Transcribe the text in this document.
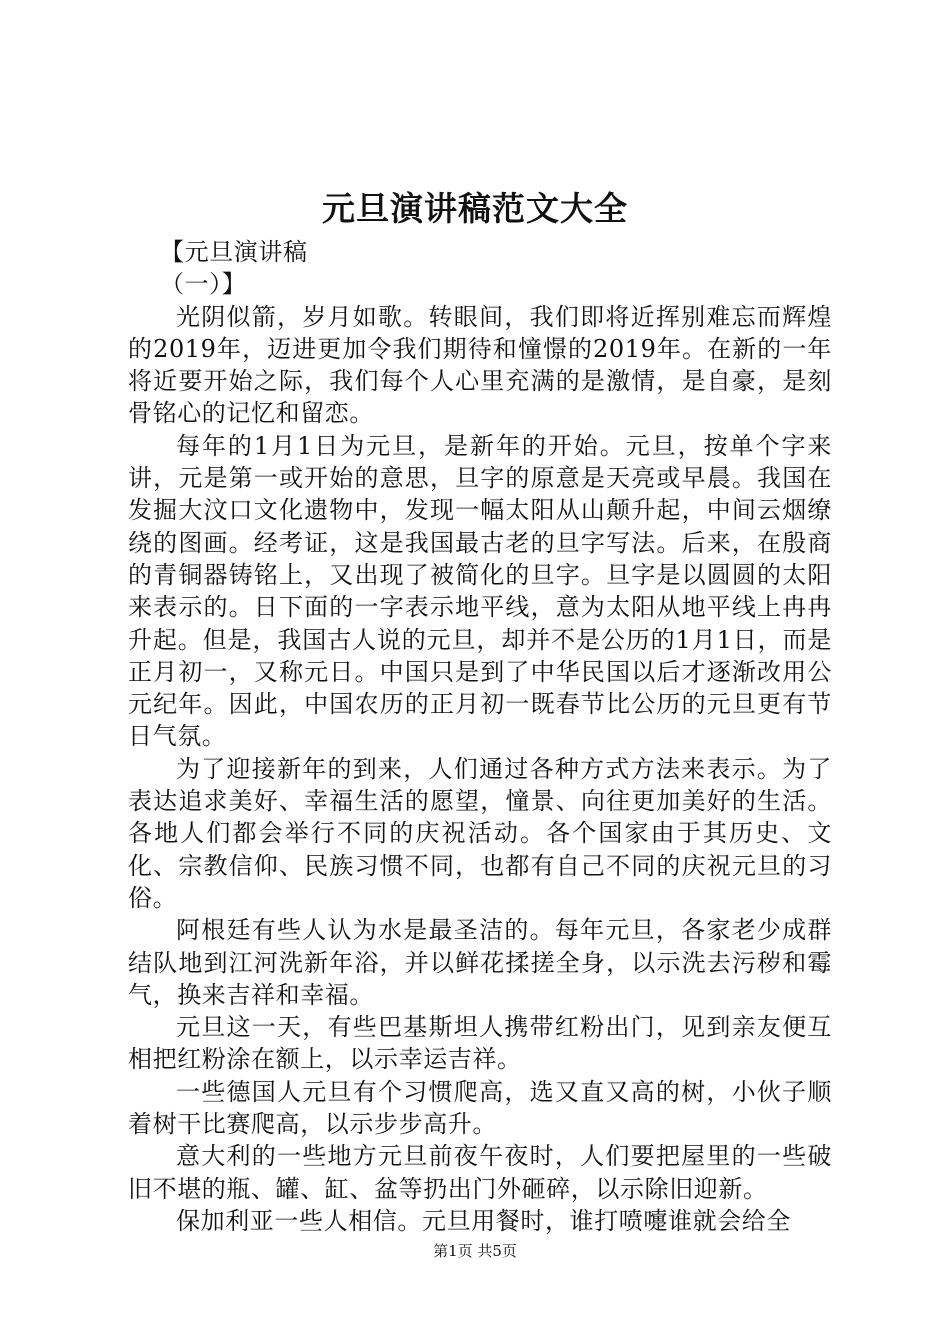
元旦演讲稿范文大全

【元旦演讲稿

（一）】

光阴似箭，岁月如歌。转眼间，我们即将近挥别难忘而辉煌的2019年，迈进更加令我们期待和憧憬的2019年。在新的一年将近要开始之际，我们每个人心里充满的是激情，是自豪，是刻骨铭心的记忆和留恋。

每年的1月1日为元旦，是新年的开始。元旦，按单个字来讲，元是第一或开始的意思，旦字的原意是天亮或早晨。我国在发掘大汶口文化遗物中，发现一幅太阳从山颠升起，中间云烟缭绕的图画。经考证，这是我国最古老的旦字写法。后来，在殷商的青铜器铸铭上，又出现了被简化的旦字。旦字是以圆圆的太阳来表示的。日下面的一字表示地平线，意为太阳从地平线上冉冉升起。但是，我国古人说的元旦，却并不是公历的1月1日，而是正月初一，又称元日。中国只是到了中华民国以后才逐渐改用公元纪年。因此，中国农历的正月初一既春节比公历的元旦更有节日气氛。

为了迎接新年的到来，人们通过各种方式方法来表示。为了表达追求美好、幸福生活的愿望，憧景、向往更加美好的生活。各地人们都会举行不同的庆祝活动。各个国家由于其历史、文化、宗教信仰、民族习惯不同，也都有自己不同的庆祝元旦的习俗。

阿根廷有些人认为水是最圣洁的。每年元旦，各家老少成群结队地到江河洗新年浴，并以鲜花揉搓全身，以示洗去污秽和霉气，换来吉祥和幸福。

元旦这一天，有些巴基斯坦人携带红粉出门，见到亲友便互相把红粉涂在额上，以示幸运吉祥。

一些德国人元旦有个习惯爬高，选又直又高的树，小伙子顺着树干比赛爬高，以示步步高升。

意大利的一些地方元旦前夜午夜时，人们要把屋里的一些破旧不堪的瓶、罐、缸、盆等扔出门外砸碎，以示除旧迎新。

保加利亚一些人相信。元旦用餐时，谁打喷嚏谁就会给全

第1页 共5页
